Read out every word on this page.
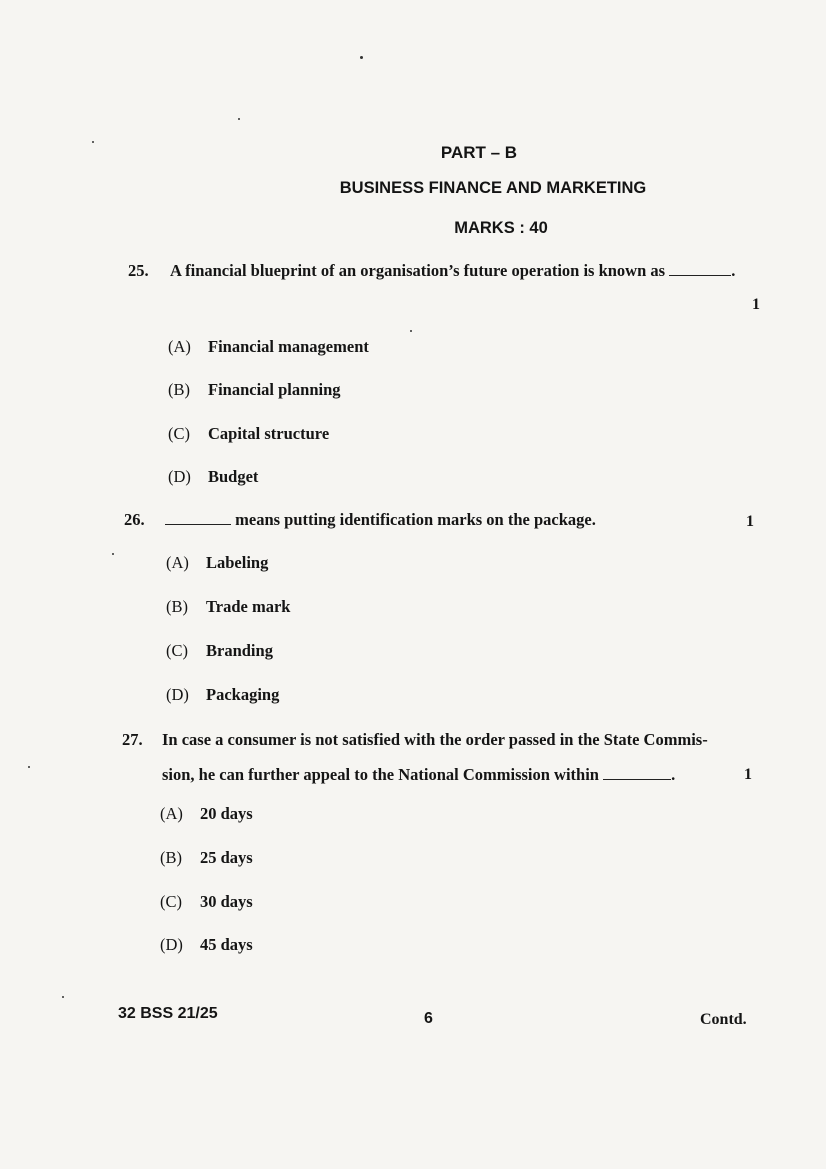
PART – B
BUSINESS FINANCE AND MARKETING
MARKS : 40
25. A financial blueprint of an organisation’s future operation is known as	.
1
(A) Financial management
(B) Financial planning
(C) Capital structure
(D) Budget
26.	means putting identification marks on the package.	1
(A) Labeling
(B) Trade mark
(C) Branding
(D) Packaging
27. In case a consumer is not satisfied with the order passed in the State Commis-
sion, he can further appeal to the National Commission within	.	1
(A) 20 days
(B) 25 days
(C) 30 days
(D) 45 days
32 BSS 21/25	6	Contd.
